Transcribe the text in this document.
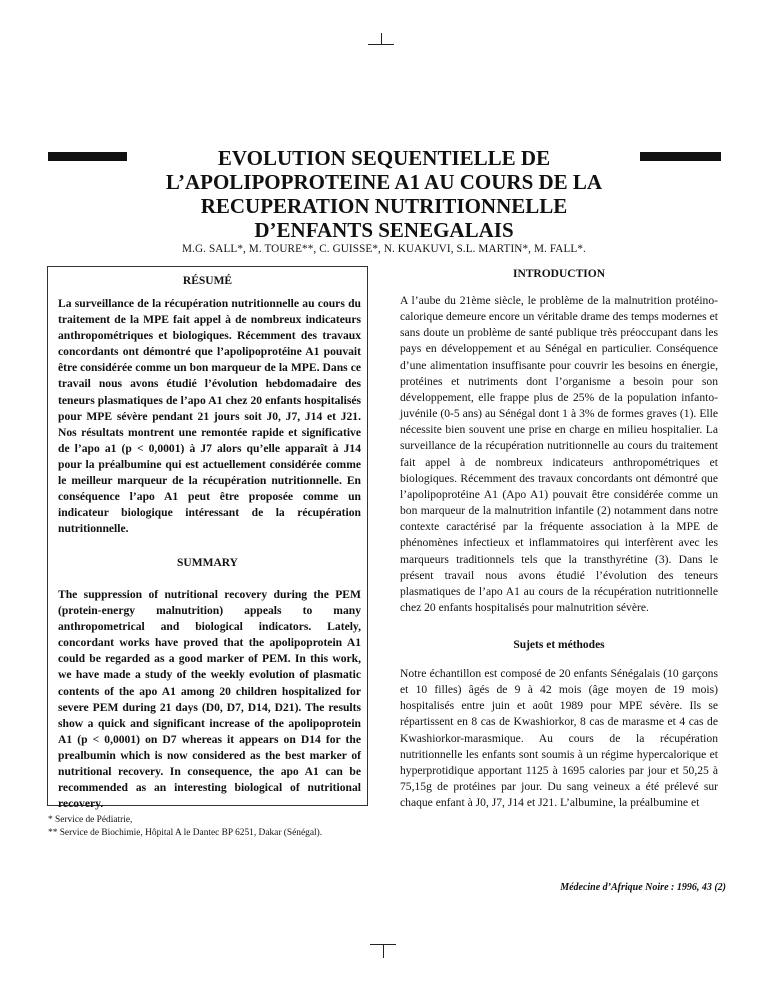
EVOLUTION SEQUENTIELLE DE
L’APOLIPOPROTEINE A1 AU COURS DE LA
RECUPERATION NUTRITIONNELLE
D’ENFANTS SENEGALAIS
M.G. SALL*, M. TOURE**, C. GUISSE*, N. KUAKUVI, S.L. MARTIN*, M. FALL*.
RÉSUMÉ

La surveillance de la récupération nutritionnelle au cours du traitement de la MPE fait appel à de nombreux indicateurs anthropométriques et biologiques. Récemment des travaux concordants ont démontré que l’apolipoprotéine A1 pouvait être considérée comme un bon marqueur de la MPE. Dans ce travail nous avons étudié l’évolution hebdomadaire des teneurs plasmatiques de l’apo A1 chez 20 enfants hospitalisés pour MPE sévère pendant 21 jours soit J0, J7, J14 et J21. Nos résultats montrent une remontée rapide et significative de l’apo a1 (p < 0,0001) à J7 alors qu’elle apparaît à J14 pour la préalbumine qui est actuellement considérée comme le meilleur marqueur de la récupération nutritionnelle. En conséquence l’apo A1 peut être proposée comme un indicateur biologique intéressant de la récupération nutritionnelle.

SUMMARY

The suppression of nutritional recovery during the PEM (protein-energy malnutrition) appeals to many anthropometrical and biological indicators. Lately, concordant works have proved that the apolipoprotein A1 could be regarded as a good marker of PEM. In this work, we have made a study of the weekly evolution of plasmatic contents of the apo A1 among 20 children hospitalized for severe PEM during 21 days (D0, D7, D14, D21). The results show a quick and significant increase of the apolipoprotein A1 (p < 0,0001) on D7 whereas it appears on D14 for the prealbumin which is now considered as the best marker of nutritional recovery. In consequence, the apo A1 can be recommended as an interesting biological of nutritional recovery.

INTRODUCTION

A l’aube du 21ème siècle, le problème de la malnutrition protéino-calorique demeure encore un véritable drame des temps modernes et sans doute un problème de santé publique très préoccupant dans les pays en développement et au Sénégal en particulier. Conséquence d’une alimentation insuffisante pour couvrir les besoins en énergie, protéines et nutriments dont l’organisme a besoin pour son développement, elle frappe plus de 25% de la population infanto-juvénile (0-5 ans) au Sénégal dont 1 à 3% de formes graves (1). Elle nécessite bien souvent une prise en charge en milieu hospitalier. La surveillance de la récupération nutritionnelle au cours du traitement fait appel à de nombreux indicateurs anthropométriques et biologiques. Récemment des travaux concordants ont démontré que l’apolipoprotéine A1 (Apo A1) pouvait être considérée comme un bon marqueur de la malnutrition infantile (2) notamment dans notre contexte caractérisé par la fréquente association à la MPE de phénomènes infectieux et inflammatoires qui interfèrent avec les marqueurs traditionnels tels que la transthyrétine (3). Dans le présent travail nous avons étudié l’évolution des teneurs plasmatiques de l’apo A1 au cours de la récupération nutritionnelle chez 20 enfants hospitalisés pour malnutrition sévère.

Sujets et méthodes

Notre échantillon est composé de 20 enfants Sénégalais (10 garçons et 10 filles) âgés de 9 à 42 mois (âge moyen de 19 mois) hospitalisés entre juin et août 1989 pour MPE sévère. Ils se répartissent en 8 cas de Kwashiorkor, 8 cas de marasme et 4 cas de Kwashiorkor-marasmique. Au cours de la récupération nutritionnelle les enfants sont soumis à un régime hypercalorique et hyperprotidique apportant 1125 à 1695 calories par jour et 50,25 à 75,15g de protéines par jour. Du sang veineux a été prélevé sur chaque enfant à J0, J7, J14 et J21. L’albumine, la préalbumine et

* Service de Pédiatrie,
** Service de Biochimie, Hôpital A le Dantec BP 6251, Dakar (Sénégal).
Médecine d’Afrique Noire : 1996, 43 (2)
